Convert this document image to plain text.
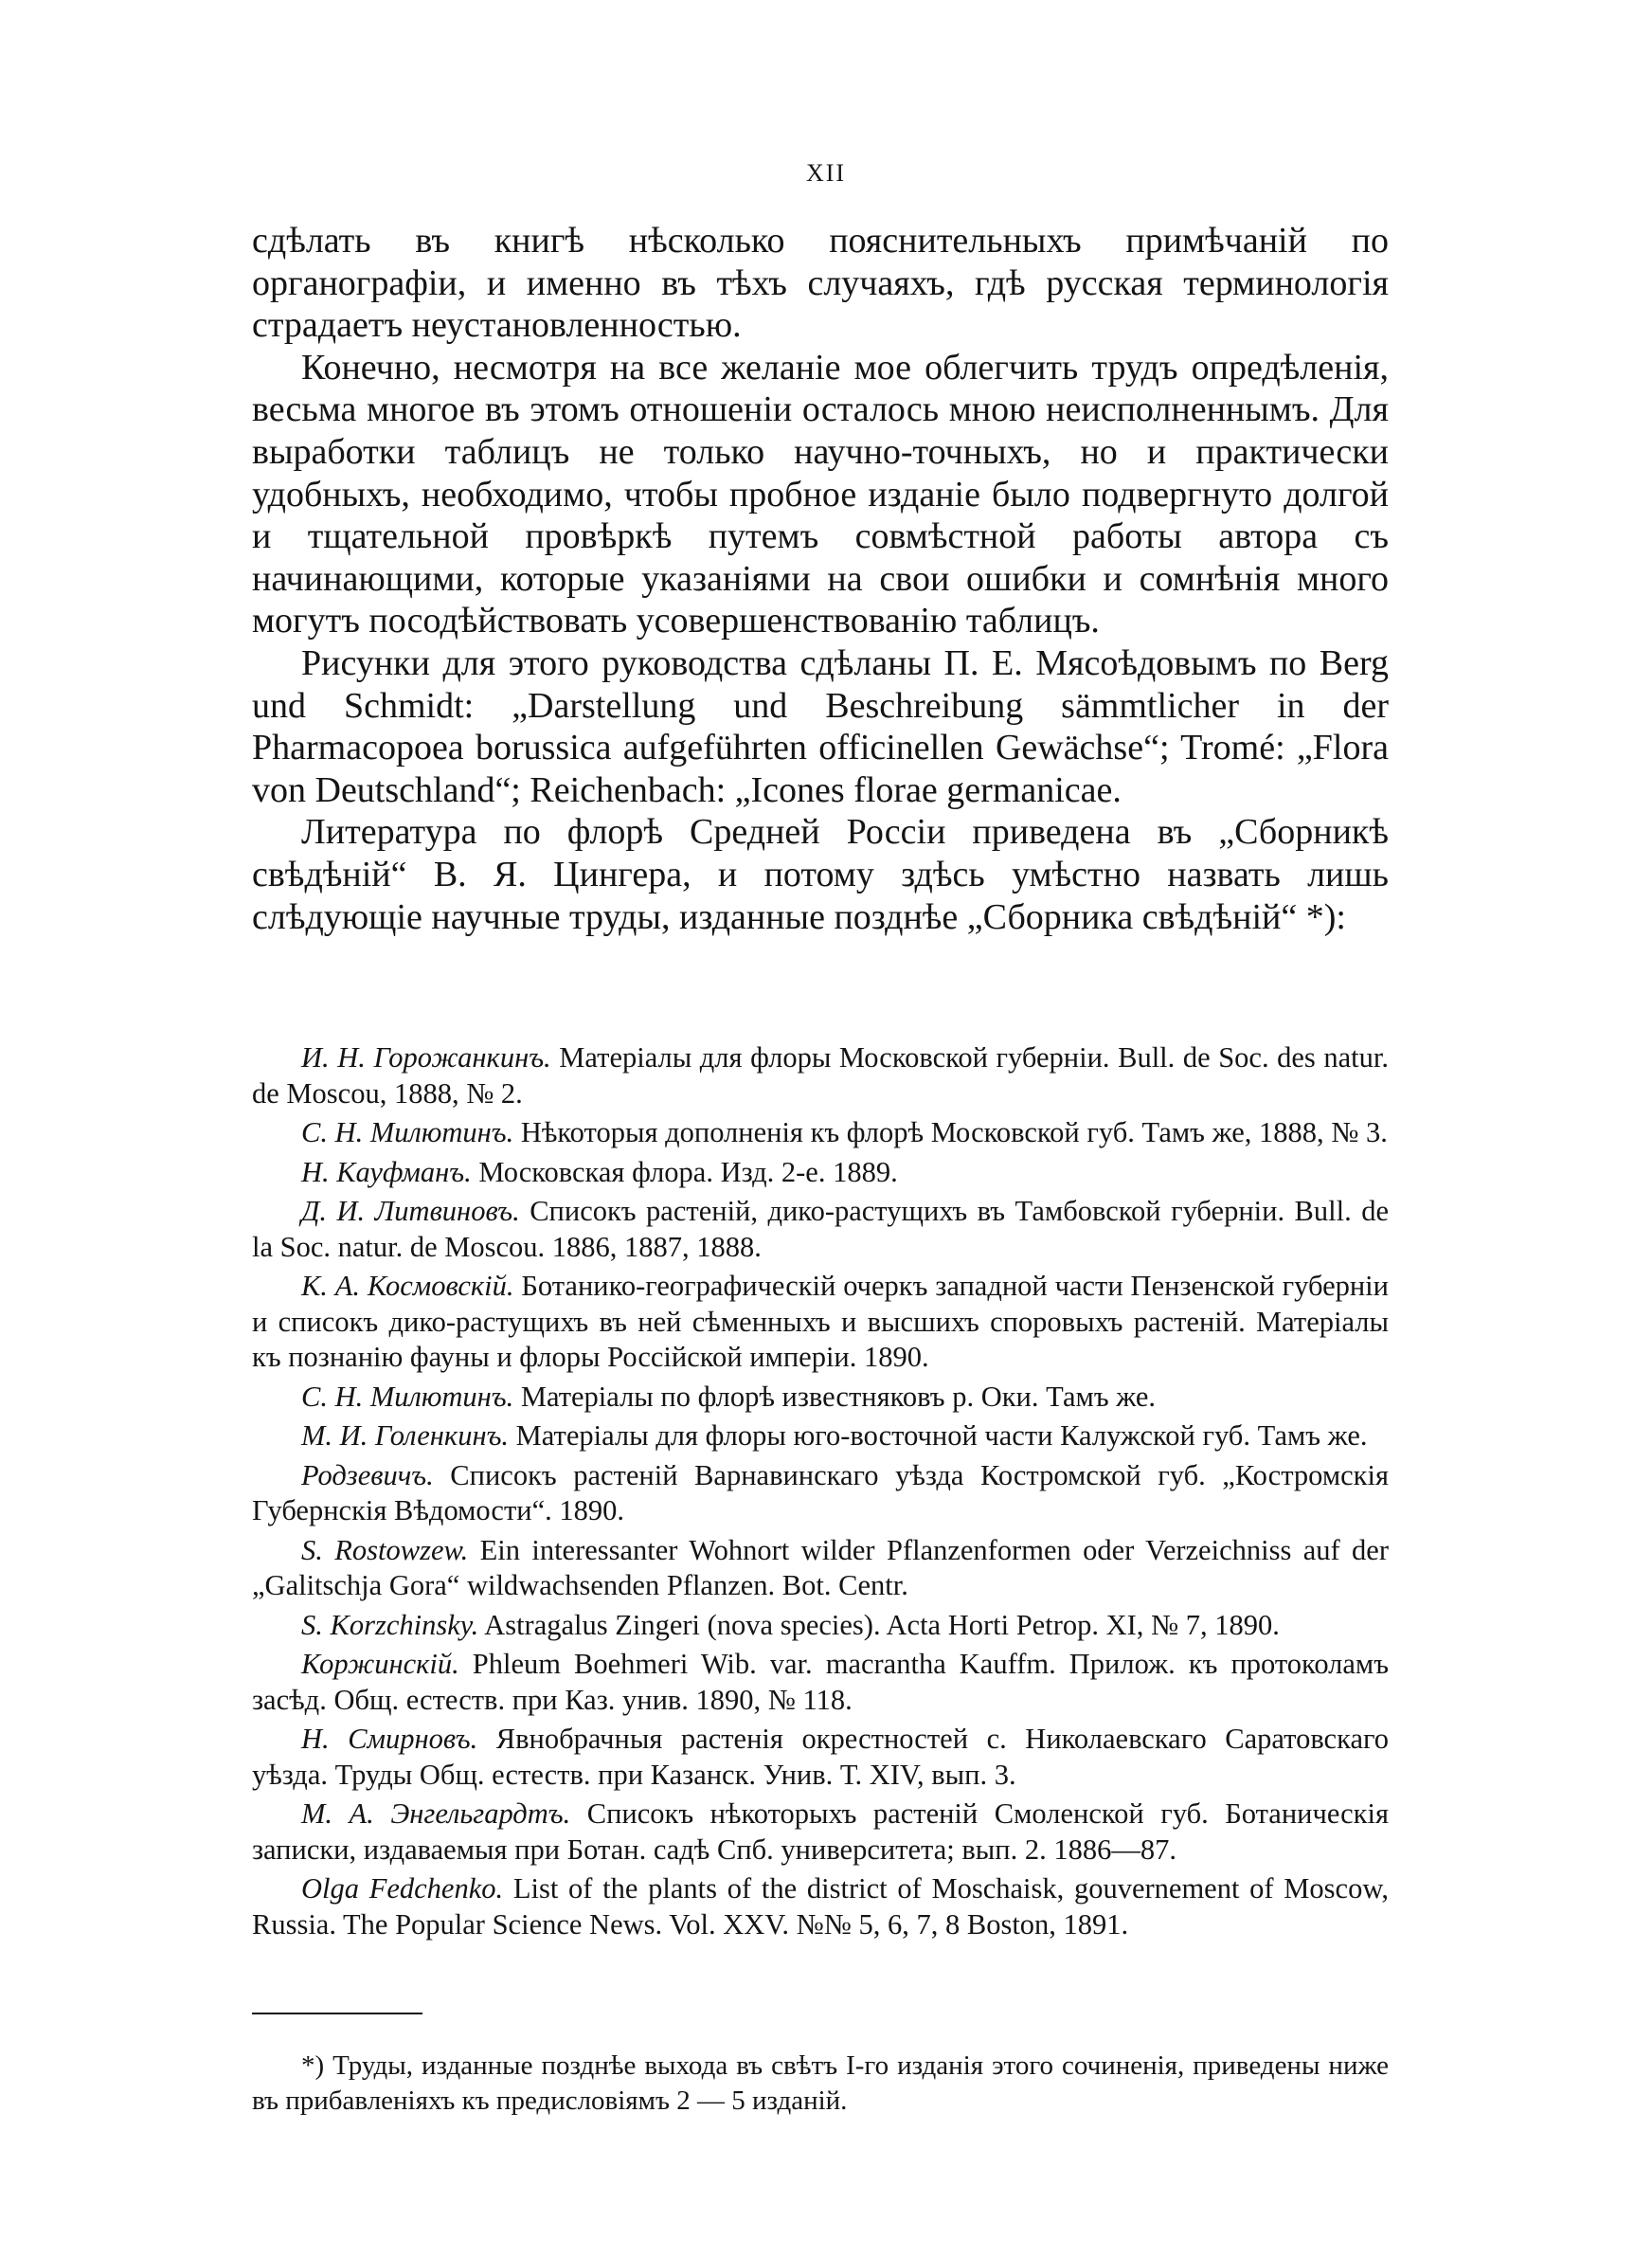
XII

сдѣлать въ книгѣ нѣсколько пояснительныхъ примѣчаній по органографіи, и именно въ тѣхъ случаяхъ, гдѣ русская терминологія страдаетъ неустановленностью.

Конечно, несмотря на все желаніе мое облегчить трудъ опредѣленія, весьма многое въ этомъ отношеніи осталось мною неисполненнымъ. Для выработки таблицъ не только научно-точныхъ, но и практически удобныхъ, необходимо, чтобы пробное изданіе было подвергнуто долгой и тщательной провѣркѣ путемъ совмѣстной работы автора съ начинающими, которые указаніями на свои ошибки и сомнѣнія много могутъ посодѣйствовать усовершенствованію таблицъ.

Рисунки для этого руководства сдѣланы П. Е. Мясоѣдовымъ по Berg und Schmidt: „Darstellung und Beschreibung sämmtlicher in der Pharmacopoea borussica aufgeführten officinellen Gewächse“; Tromé: „Flora von Deutschland“; Reichenbach: „Icones florae germanicae.

Литература по флорѣ Средней Россіи приведена въ „Сборникѣ свѣдѣній“ В. Я. Цингера, и потому здѣсь умѣстно назвать лишь слѣдующіе научные труды, изданные позднѣе „Сборника свѣдѣній“ *):

И. Н. Горожанкинъ. Матеріалы для флоры Московской губерніи. Bull. de Soc. des natur. de Moscou, 1888, № 2.

С. Н. Милютинъ. Нѣкоторыя дополненія къ флорѣ Московской губ. Тамъ же, 1888, № 3.

Н. Кауфманъ. Московская флора. Изд. 2-е. 1889.

Д. И. Литвиновъ. Списокъ растеній, дико-растущихъ въ Тамбовской губерніи. Bull. de la Soc. natur. de Moscou. 1886, 1887, 1888.

К. А. Космовскій. Ботанико-географическій очеркъ западной части Пензенской губерніи и списокъ дико-растущихъ въ ней сѣменныхъ и высшихъ споровыхъ растеній. Матеріалы къ познанію фауны и флоры Россійской имперіи. 1890.

С. Н. Милютинъ. Матеріалы по флорѣ известняковъ р. Оки. Тамъ же.

М. И. Голенкинъ. Матеріалы для флоры юго-восточной части Калужской губ. Тамъ же.

Родзевичъ. Списокъ растеній Варнавинскаго уѣзда Костромской губ. „Костромскія Губернскія Вѣдомости“. 1890.

S. Rostowzew. Ein interessanter Wohnort wilder Pflanzenformen oder Verzeichniss auf der „Galitschja Gora“ wildwachsenden Pflanzen. Bot. Centr.

S. Korzchinsky. Astragalus Zingeri (nova species). Acta Horti Petrop. XI, № 7, 1890.

Коржинскій. Phleum Boehmeri Wib. var. macrantha Kauffm. Прилож. къ протоколамъ засѣд. Общ. естеств. при Каз. унив. 1890, № 118.

Н. Смирновъ. Явнобрачныя растенія окрестностей с. Николаевскаго Саратовскаго уѣзда. Труды Общ. естеств. при Казанск. Унив. Т. XIV, вып. 3.

М. А. Энгельгардтъ. Списокъ нѣкоторыхъ растеній Смоленской губ. Ботаническія записки, издаваемыя при Ботан. садѣ Спб. университета; вып. 2. 1886—87.

Olga Fedchenko. List of the plants of the district of Moschaisk, gouvernement of Moscow, Russia. The Popular Science News. Vol. XXV. №№ 5, 6, 7, 8 Boston, 1891.

*) Труды, изданные позднѣе выхода въ свѣтъ I-го изданія этого сочиненія, приведены ниже въ прибавленіяхъ къ предисловіямъ 2 — 5 изданій.
